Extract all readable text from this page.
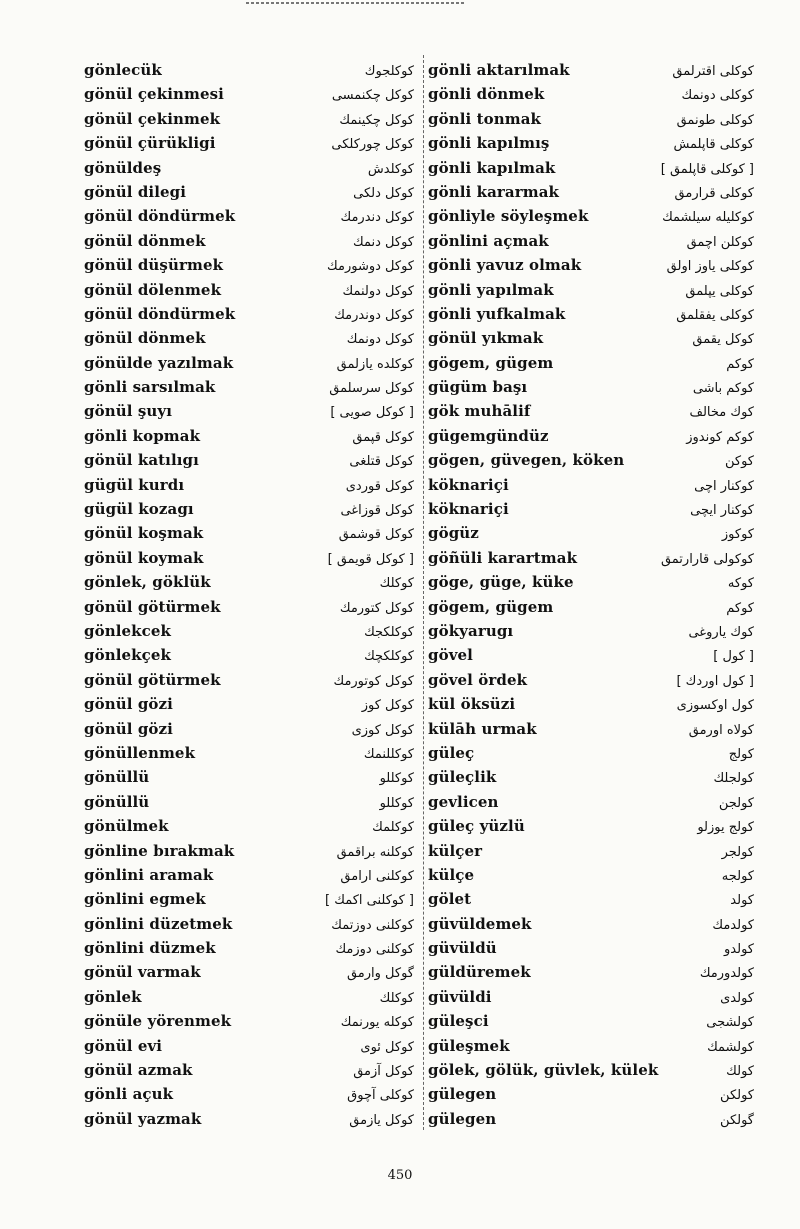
gönlecük	كوكلجوك
gönül çekinmesi	كوكل چكنمسى
gönül çekinmek	كوكل چكينمك
gönül çürükligi	كوكل چوركلكى
gönüldeş	كوكلدش
gönül dilegi	كوكل دلكى
gönül döndürmek	كوكل دندرمك
gönül dönmek	كوكل دنمك
gönül düşürmek	كوكل دوشورمك
gönül dölenmek	كوكل دولنمك
gönül döndürmek	كوكل دوندرمك
gönül dönmek	كوكل دونمك
gönülde yazılmak	كوكلده يازلمق
gönli sarsılmak	كوكل سرسلمق
gönül şuyı	[ كوكل صويى ]
gönli kopmak	كوكل قپمق
gönül katılıgı	كوكل قتلغى
gügül kurdı	كوكل قوردى
gügül kozagı	كوكل قوزاغى
gönül koşmak	كوكل قوشمق
gönül koymak	[ كوكل قويمق ]
gönlek, göklük	كوكلك
gönül götürmek	كوكل كتورمك
gönlekcek	كوكلكجك
gönlekçek	كوكلكچك
gönül götürmek	كوكل كوتورمك
gönül gözi	كوكل كوز
gönül gözi	كوكل كوزى
gönüllenmek	كوكللنمك
gönüllü	كوكللو
gönüllü	كوكللو
gönülmek	كوكلمك
gönline bırakmak	كوكلنه براقمق
gönlini aramak	كوكلنى ارامق
gönlini egmek	[ كوكلنى اكمك ]
gönlini düzetmek	كوكلنى دوزتمك
gönlini düzmek	كوكلنى دوزمك
gönül varmak	گوكل وارمق
gönlek	كوكلك
gönüle yörenmek	كوكله يورنمك
gönül evi	كوكل ئوى
gönül azmak	كوكل آزمق
gönli açuk	كوكلى آچوق
gönül yazmak	كوكل يازمق
gönli aktarılmak	كوكلى اقترلمق
gönli dönmek	كوكلى دونمك
gönli tonmak	كوكلى طونمق
gönli kapılmış	كوكلى قاپلمش
gönli kapılmak	[ كوكلى قاپلمق ]
gönli kararmak	كوكلى قرارمق
gönliyle söyleşmek	كوكليله سيلشمك
gönlini açmak	كوكلن اچمق
gönli yavuz olmak	كوكلى ياوز اولق
gönli yapılmak	كوكلى يپلمق
gönli yufkalmak	كوكلى يفقلمق
gönül yıkmak	كوكل يقمق
gögem, gügem	كوكم
gügüm başı	كوكم باشى
gök muhālif	كوك مخالف
gügemgündüz	كوكم كوندوز
gögen, güvegen, köken	كوكن
köknariçi	كوكنار اچى
köknariçi	كوكنار ايچى
gögüz	كوكوز
göñüli karartmak	كوكولى قارارتمق
göge, güge, küke	كوكه
gögem, gügem	كوكم
gökyarugı	كوك ياروغى
gövel	[ كول ]
gövel ördek	[ كول اوردك ]
kül öksüzi	كول اوكسوزى
külāh urmak	كولاه اورمق
güleç	كولج
güleçlik	كولجلك
gevlicen	كولجن
güleç yüzlü	كولج يوزلو
külçer	كولجر
külçe	كولجه
gölet	كولد
güvüldemek	كولدمك
güvüldü	كولدو
güldüremek	كولدورمك
güvüldi	كولدى
güleşci	كولشجى
güleşmek	كولشمك
gölek, gölük, güvlek, külek	كولك
gülegen	كولكن
gülegen	گولكن
450
